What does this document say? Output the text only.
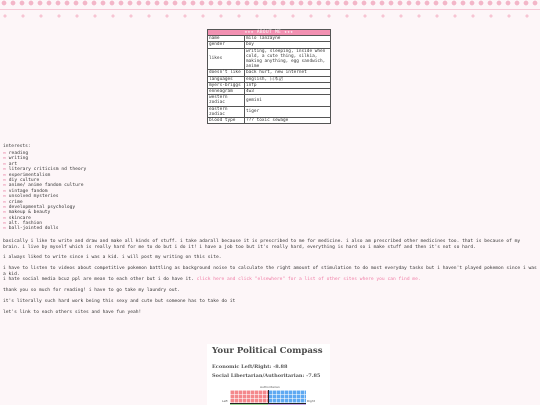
★★★ ABOUT ME ★★★	
name	milo lanzayne
gender	boy
likes	writing, sleeping, inside when cold, a cute thing, silkia, making anything, egg sandwich, anime
doesn't like	back hurt, new internet
languages	english, 日本語
myers-briggs	infp
enneagram	4w3
western zodiac	gemini
eastern zodiac	tiger
blood type	??? toxic sewage
interests:
✉ reading
✉ writing
✉ art
✉ literary criticism nd theory
✉ experimentalism
✉ diy culture
✉ anime/ anime fandom culture
✉ vintage fandom
✉ unsolved mysteries
✉ crime
✉ developmental psychology
✉ makeup & beauty
✉ skincare
✉ alt. fashion
✉ ball-jointed dolls
basically i like to write and draw and make all kinds of stuff. i take adarall because it is prescribed to me for medicine. i also am prescribed other medicines too. that is because of my brain. i live by myself which is really hard for me to do but i do it! i have a job too but it's really hard, everything is hard so i make stuff and then it's not so hard.
i always liked to write since i was a kid. i will post my writing on this site.
i have to listen to videos about competitive pokemon battling as background noise to calculate the right amount of stimulation to do most everyday tasks but i haven't played pokemon since i was a kid.
i hate social media bcuz ppl are mean to each other but i do have it. click here and click "elsewhere" for a list of other sites where you can find me.
thank you so much for reading! i have to go take my laundry out.
it's literally such hard work being this sexy and cute but someone has to take do it
let's link to each others sites and have fun yeah!
Your Political Compass
Economic Left/Right: -8.88
Social Libertarian/Authoritarian: -7.85
Authoritarian
Left	Right
